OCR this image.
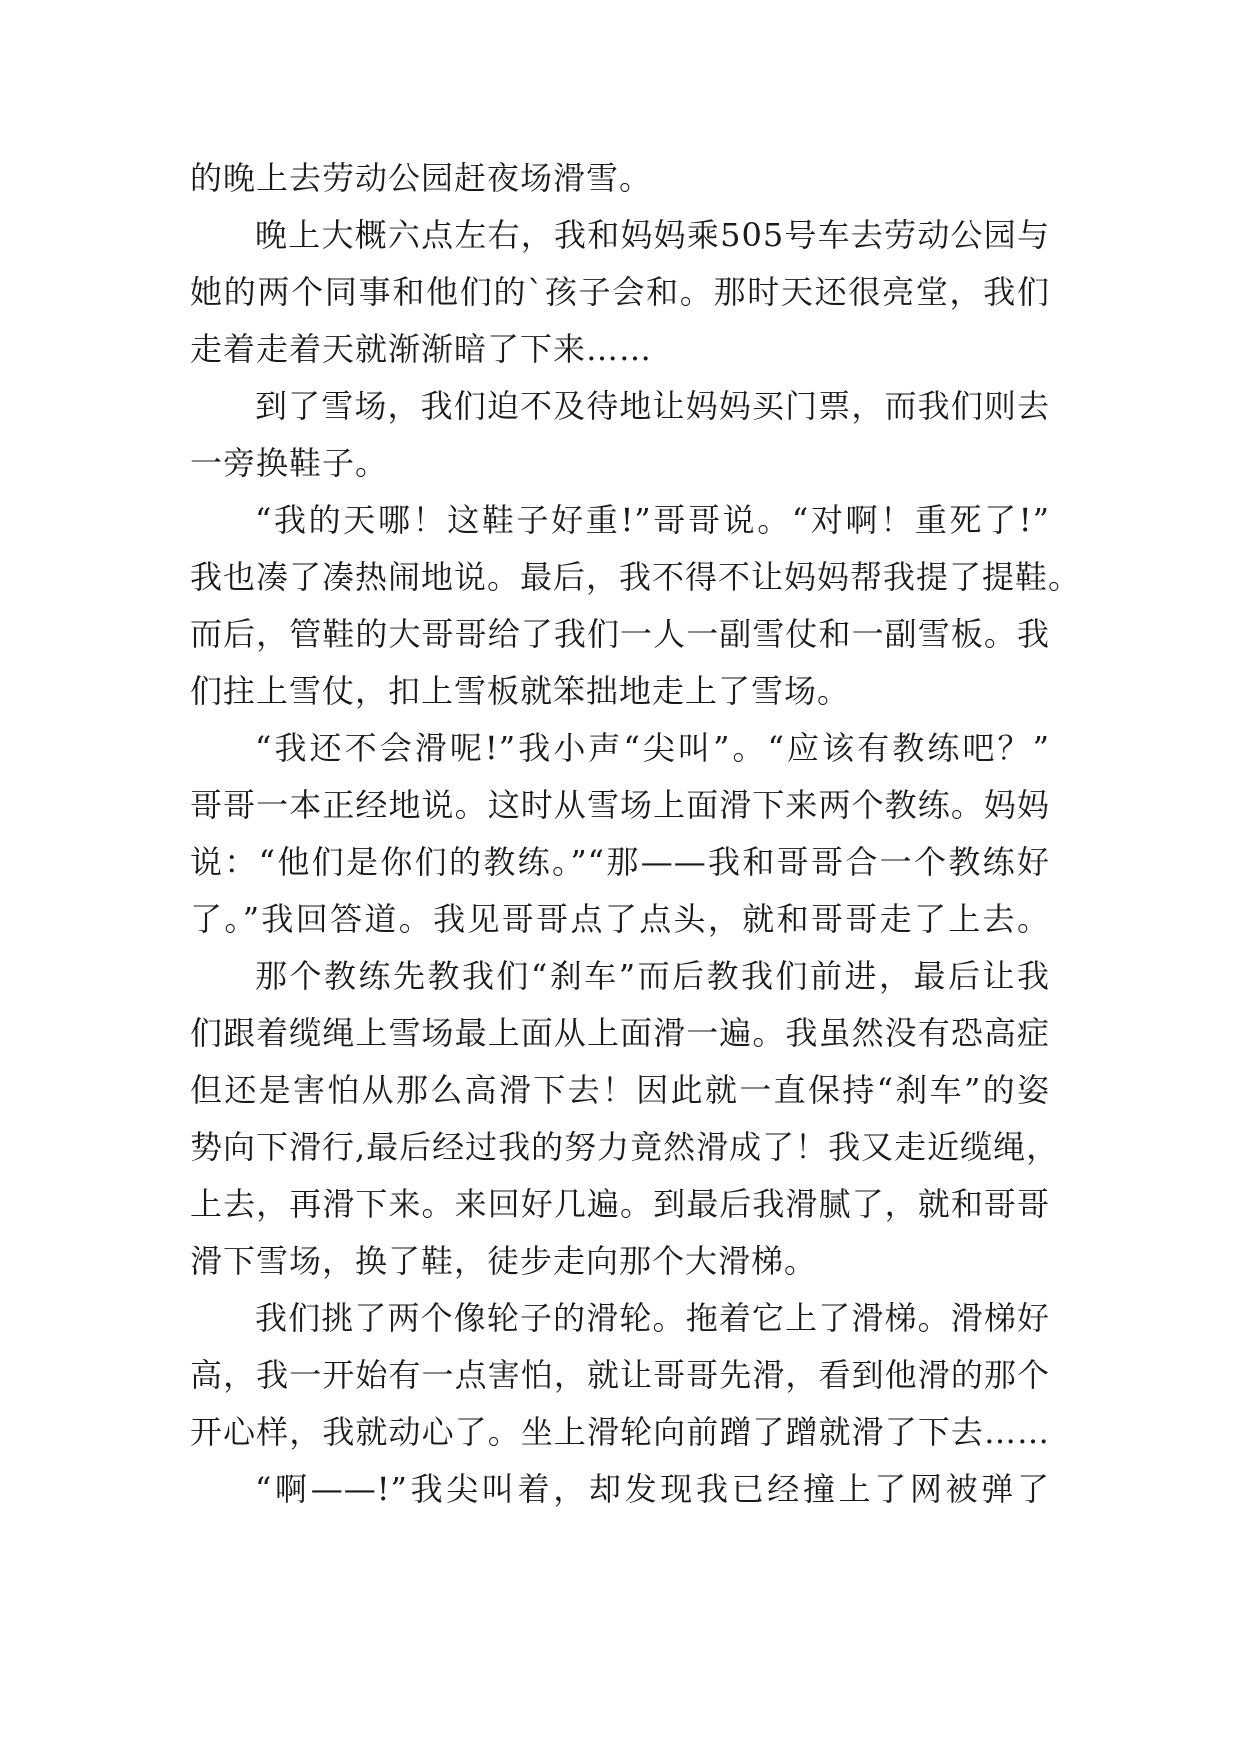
的晚上去劳动公园赶夜场滑雪。
晚上大概六点左右，我和妈妈乘505号车去劳动公园与
她的两个同事和他们的`孩子会和。那时天还很亮堂，我们
走着走着天就渐渐暗了下来……
到了雪场，我们迫不及待地让妈妈买门票，而我们则去
一旁换鞋子。
“我的天哪！这鞋子好重!”哥哥说。“对啊！重死了!”
我也凑了凑热闹地说。最后，我不得不让妈妈帮我提了提鞋。
而后，管鞋的大哥哥给了我们一人一副雪仗和一副雪板。我
们拄上雪仗，扣上雪板就笨拙地走上了雪场。
“我还不会滑呢!”我小声“尖叫”。“应该有教练吧？”
哥哥一本正经地说。这时从雪场上面滑下来两个教练。妈妈
说：“他们是你们的教练。”“那——我和哥哥合一个教练好
了。”我回答道。我见哥哥点了点头，就和哥哥走了上去。
那个教练先教我们“刹车”而后教我们前进，最后让我
们跟着缆绳上雪场最上面从上面滑一遍。我虽然没有恐高症
但还是害怕从那么高滑下去！因此就一直保持“刹车”的姿
势向下滑行,最后经过我的努力竟然滑成了！我又走近缆绳，
上去，再滑下来。来回好几遍。到最后我滑腻了，就和哥哥
滑下雪场，换了鞋，徒步走向那个大滑梯。
我们挑了两个像轮子的滑轮。拖着它上了滑梯。滑梯好
高，我一开始有一点害怕，就让哥哥先滑，看到他滑的那个
开心样，我就动心了。坐上滑轮向前蹭了蹭就滑了下去……
“啊——!”我尖叫着，却发现我已经撞上了网被弹了
